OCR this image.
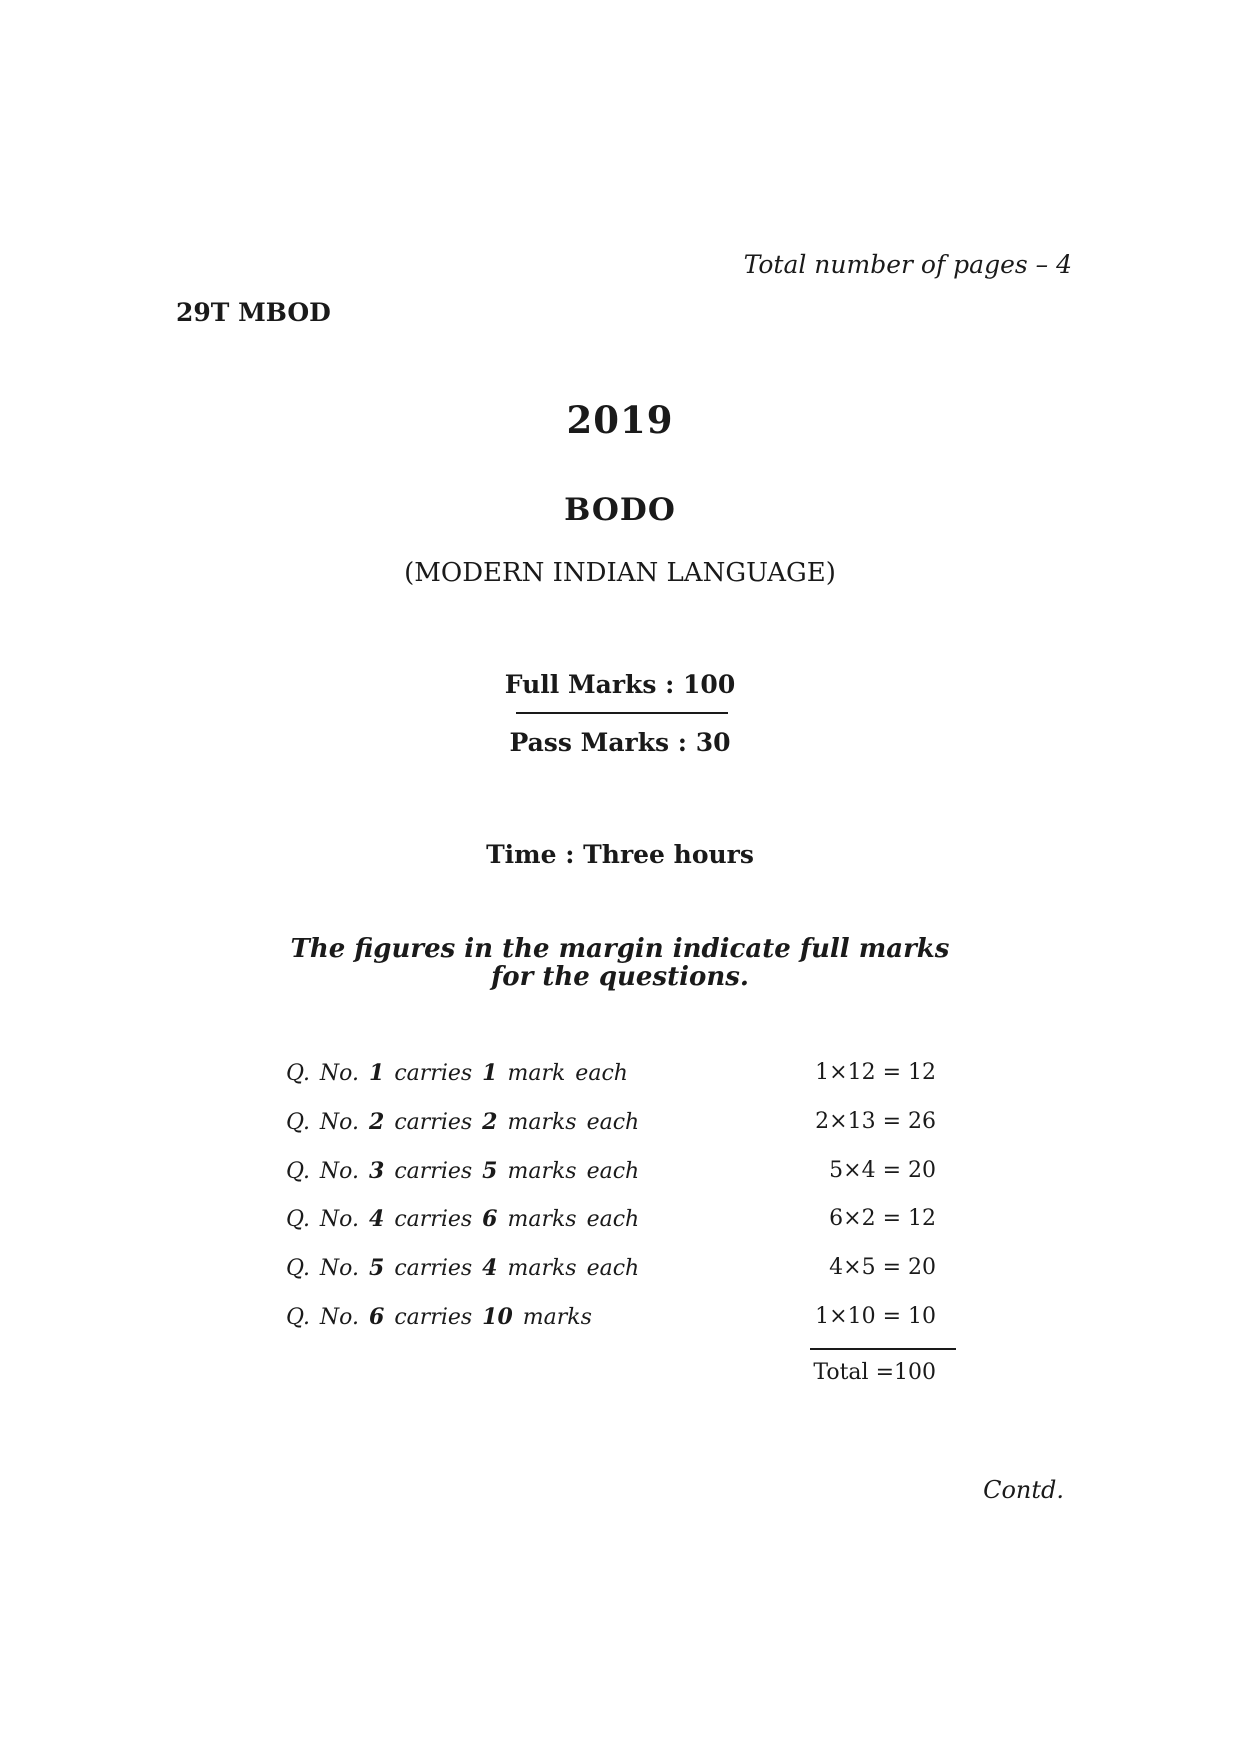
Total number of pages – 4
29T MBOD
2019
BODO
(MODERN INDIAN LANGUAGE)
Full Marks : 100
Pass Marks : 30
Time : Three hours
The figures in the margin indicate full marks
for the questions.
Q. No. 1 carries 1 mark each	1×12 = 12
Q. No. 2 carries 2 marks each	2×13 = 26
Q. No. 3 carries 5 marks each	5×4 = 20
Q. No. 4 carries 6 marks each	6×2 = 12
Q. No. 5 carries 4 marks each	4×5 = 20
Q. No. 6 carries 10 marks	1×10 = 10
Total =100
Contd.
